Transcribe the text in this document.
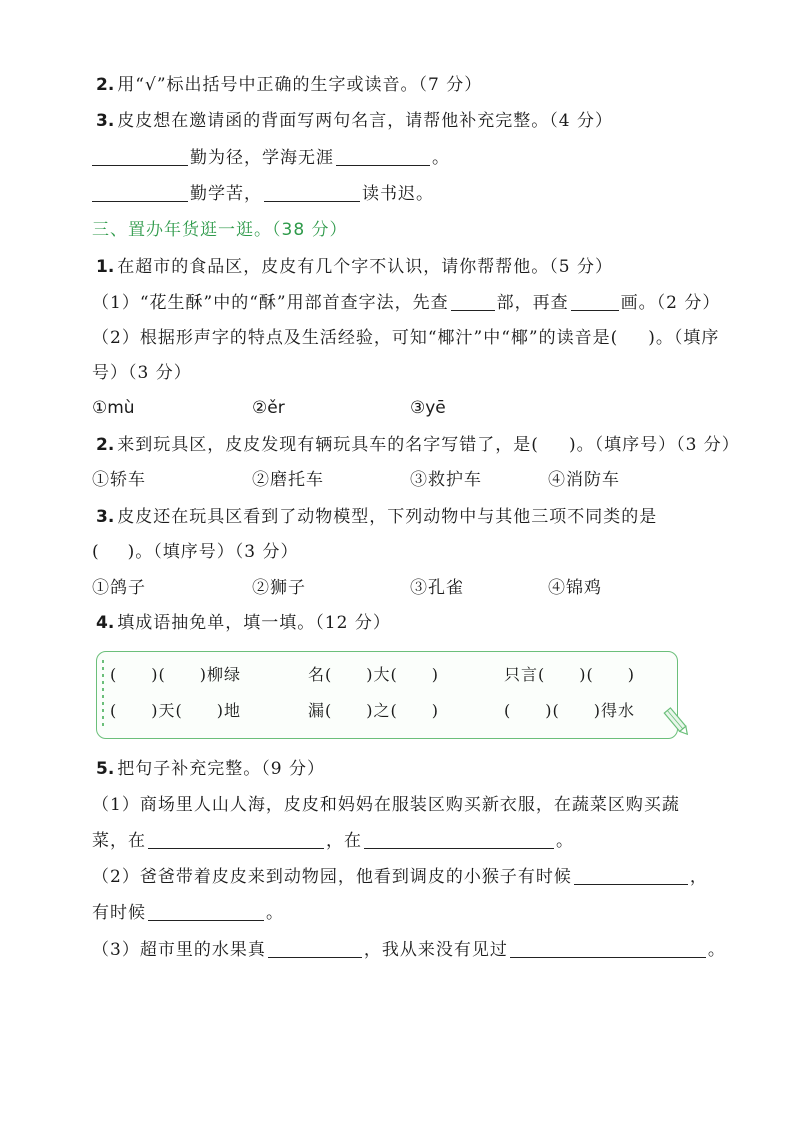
2. 用“√”标出括号中正确的生字或读音。（7 分）
3. 皮皮想在邀请函的背面写两句名言，请帮他补充完整。（4 分）
勤为径，学海无涯	。
勤学苦，	读书迟。
三、置办年货逛一逛。（38 分）
1. 在超市的食品区，皮皮有几个字不认识，请你帮帮他。（5 分）
（1）“花生酥”中的“酥”用部首查字法，先查	部，再查	画。（2 分）
（2）根据形声字的特点及生活经验，可知“椰汁”中“椰”的读音是( )。（填序
号）（3 分）
①mù	②ěr	③yē
2. 来到玩具区，皮皮发现有辆玩具车的名字写错了，是( )。（填序号）（3 分）
①轿车	②磨托车	③救护车	④消防车
3. 皮皮还在玩具区看到了动物模型，下列动物中与其他三项不同类的是
( )。（填序号）（3 分）
①鸽子	②狮子	③孔雀	④锦鸡
4. 填成语抽免单，填一填。（12 分）
(　　)(　　)柳绿	名(　　)大(　　)	只言(　　)(　　)
(　　)天(　　)地	漏(　　)之(　　)	(　　)(　　)得水
5. 把句子补充完整。（9 分）
（1）商场里人山人海，皮皮和妈妈在服装区购买新衣服，在蔬菜区购买蔬
菜，在	，在	。
（2）爸爸带着皮皮来到动物园，他看到调皮的小猴子有时候	，
有时候	。
（3）超市里的水果真	，我从来没有见过	。
